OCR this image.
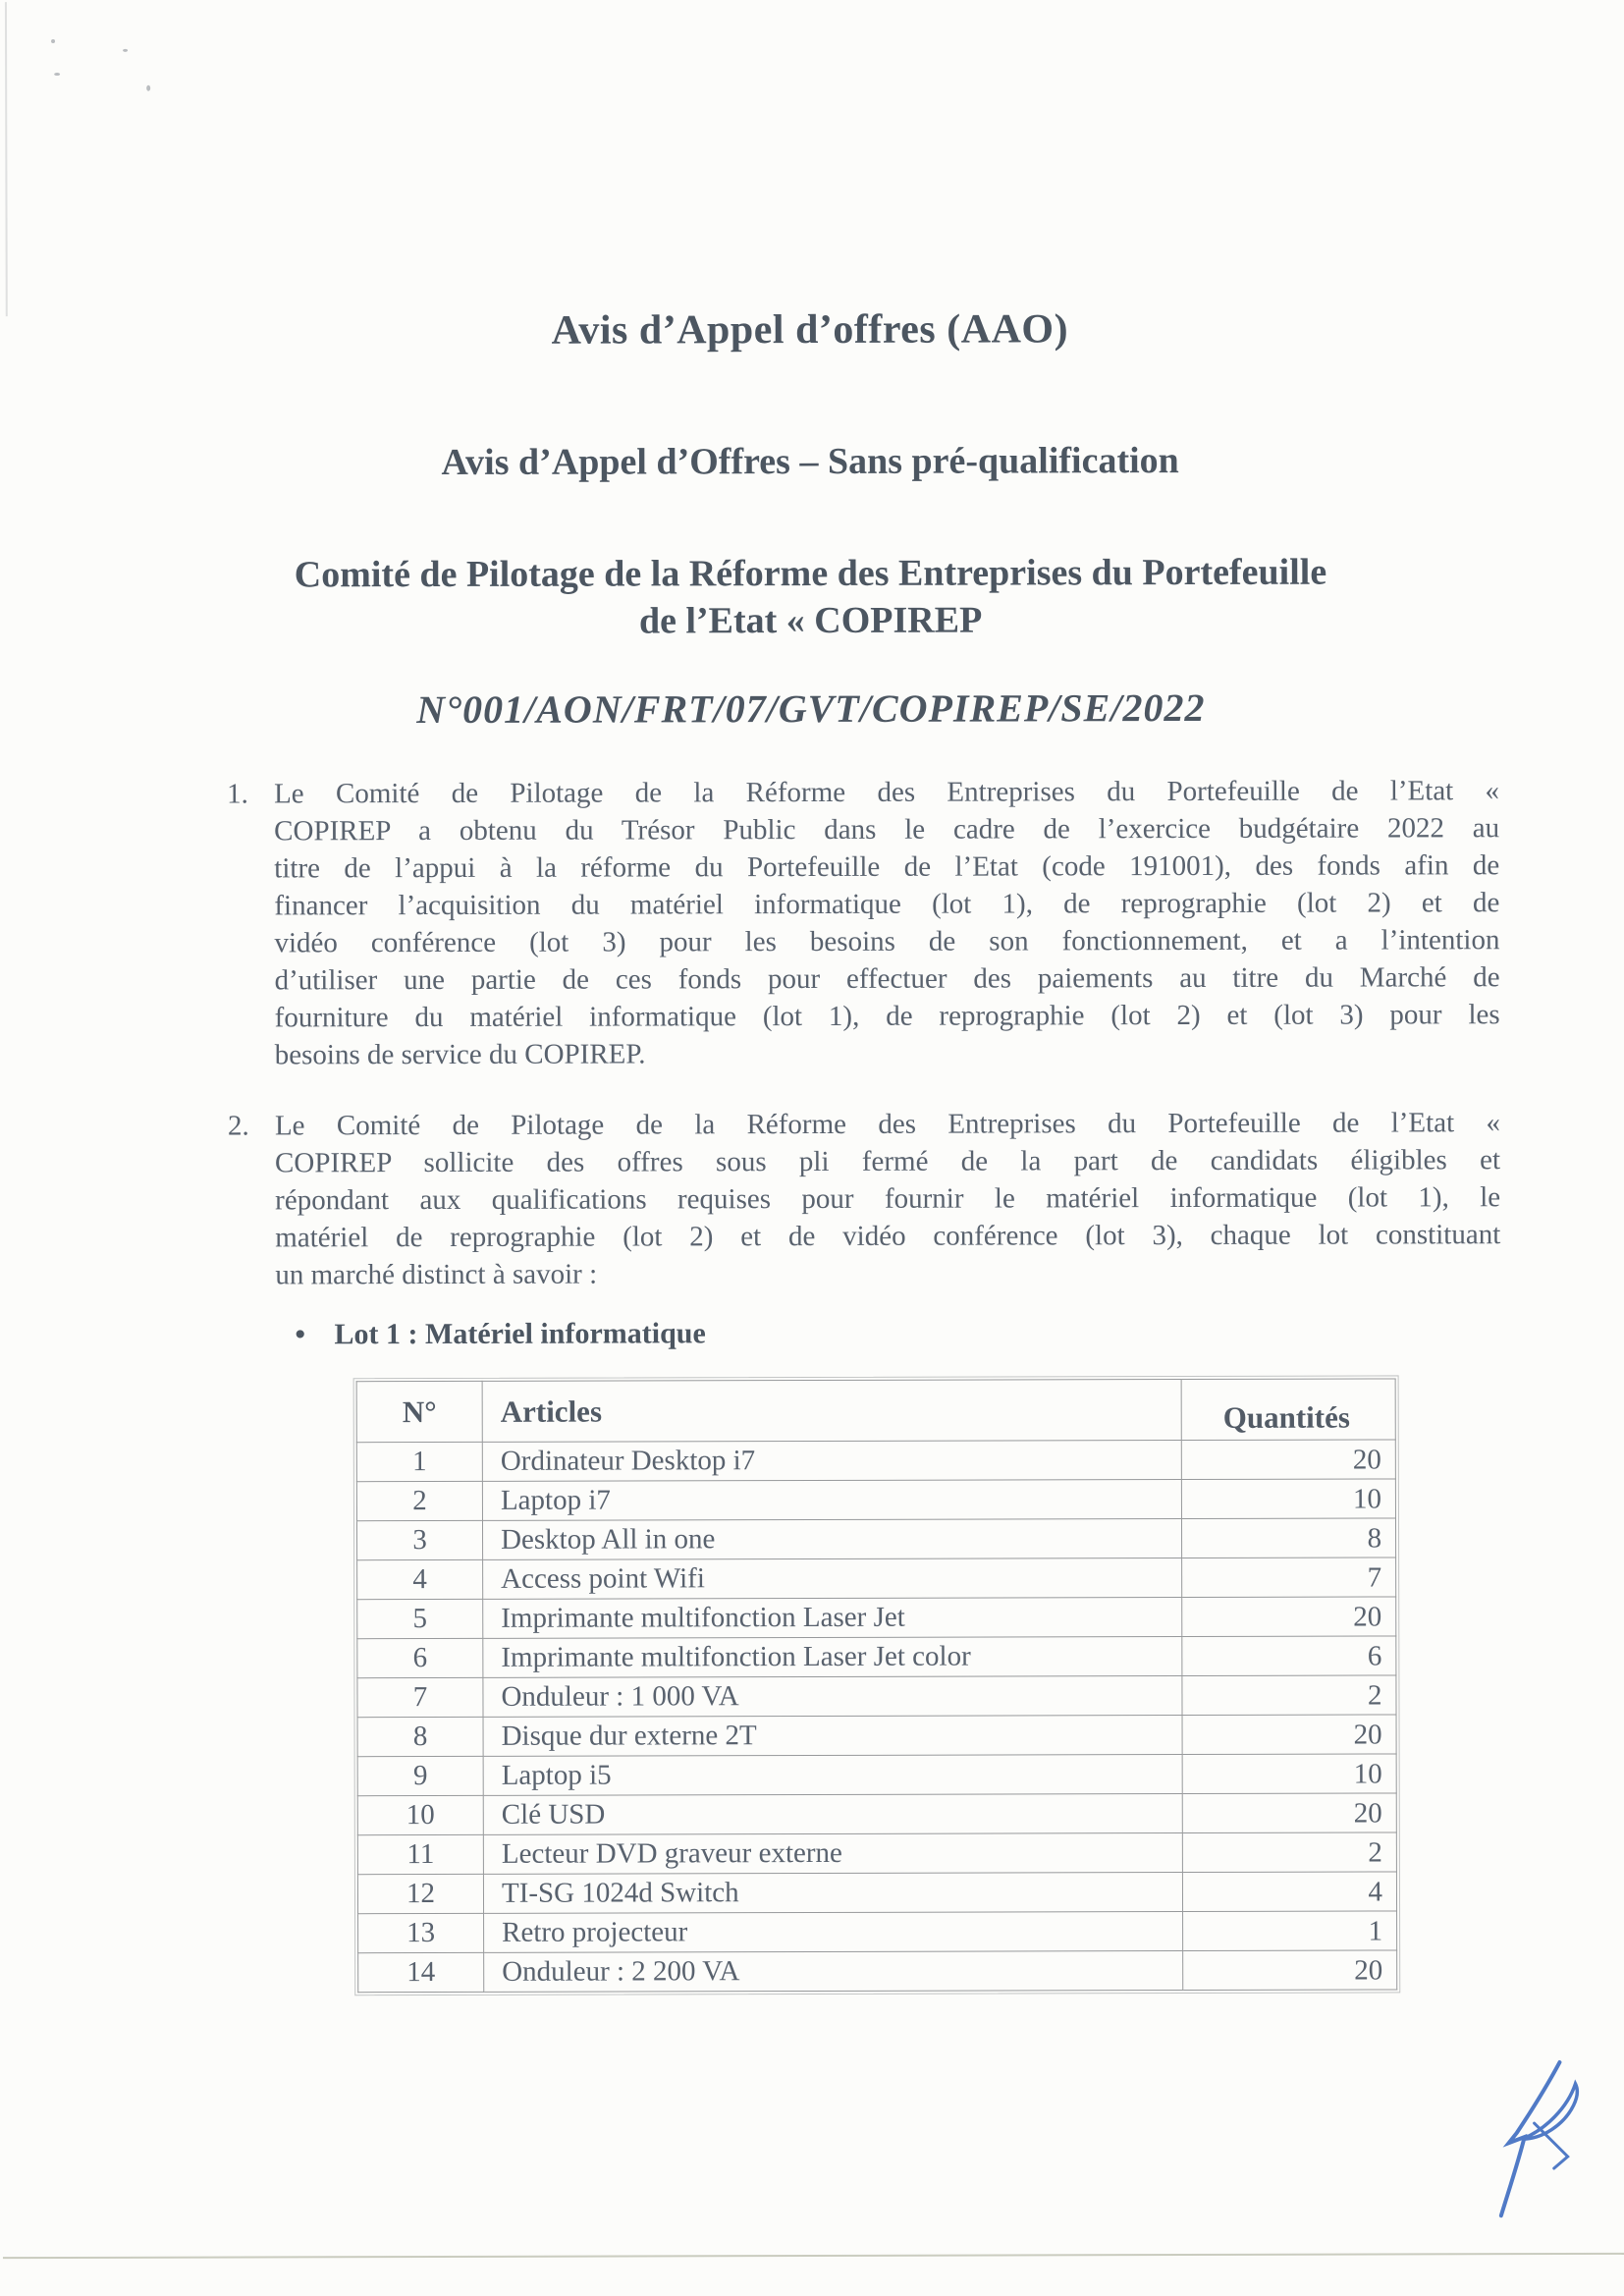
Avis d’Appel d’offres (AAO)
Avis d’Appel d’Offres – Sans pré-qualification
Comité de Pilotage de la Réforme des Entreprises du Portefeuille
de l’Etat « COPIREP
N°001/AON/FRT/07/GVT/COPIREP/SE/2022
1. Le Comité de Pilotage de la Réforme des Entreprises du Portefeuille de l’Etat «
COPIREP a obtenu du Trésor Public dans le cadre de l’exercice budgétaire 2022 au
titre de l’appui à la réforme du Portefeuille de l’Etat (code 191001), des fonds afin de
financer l’acquisition du matériel informatique (lot 1), de reprographie (lot 2) et de
vidéo conférence (lot 3) pour les besoins de son fonctionnement, et a l’intention
d’utiliser une partie de ces fonds pour effectuer des paiements au titre du Marché de
fourniture du matériel informatique (lot 1), de reprographie (lot 2) et (lot 3) pour les
besoins de service du COPIREP.
2. Le Comité de Pilotage de la Réforme des Entreprises du Portefeuille de l’Etat «
COPIREP sollicite des offres sous pli fermé de la part de candidats éligibles et
répondant aux qualifications requises pour fournir le matériel informatique (lot 1), le
matériel de reprographie (lot 2) et de vidéo conférence (lot 3), chaque lot constituant
un marché distinct à savoir :
• Lot 1 : Matériel informatique
N°	Articles	Quantités
1	Ordinateur Desktop i7	20
2	Laptop i7	10
3	Desktop All in one	8
4	Access point Wifi	7
5	Imprimante multifonction Laser Jet	20
6	Imprimante multifonction Laser Jet color	6
7	Onduleur : 1 000 VA	2
8	Disque dur externe 2T	20
9	Laptop i5	10
10	Clé USD	20
11	Lecteur DVD graveur externe	2
12	TI-SG 1024d Switch	4
13	Retro projecteur	1
14	Onduleur : 2 200 VA	20
